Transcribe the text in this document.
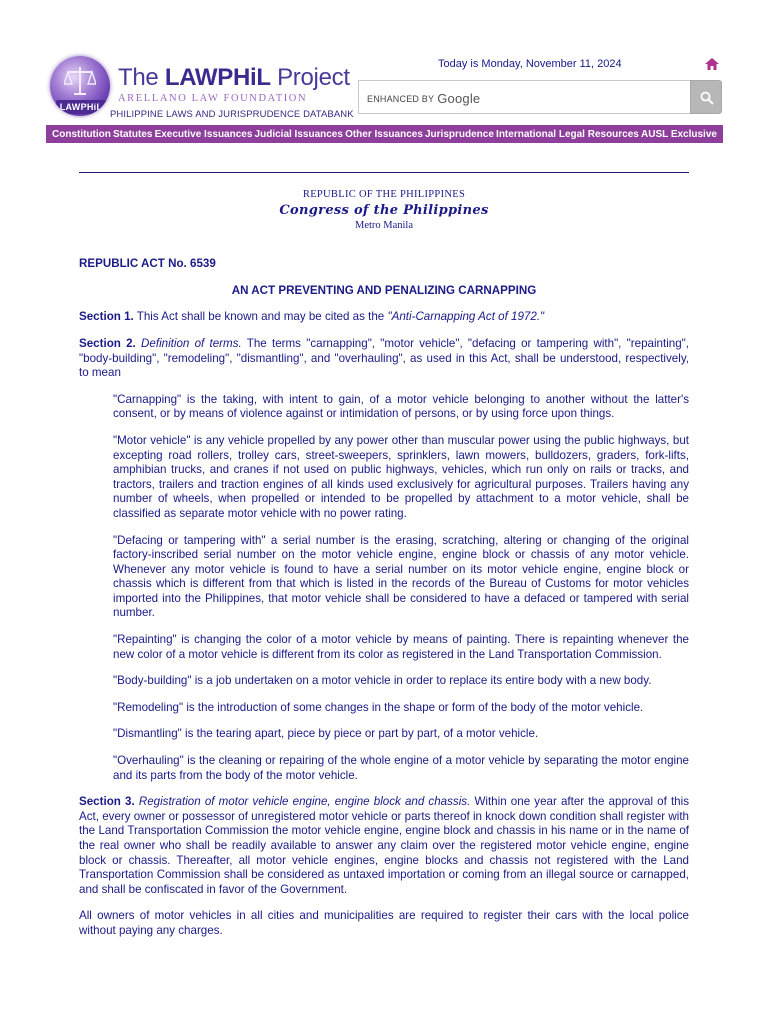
LAWPHiL
The LAWPHiL Project
ARELLANO LAW FOUNDATION
PHILIPPINE LAWS AND JURISPRUDENCE DATABANK
Today is Monday, November 11, 2024
ENHANCED BY Google
Constitution Statutes Executive Issuances Judicial Issuances Other Issuances Jurisprudence International Legal Resources AUSL Exclusive
REPUBLIC OF THE PHILIPPINES
Congress of the Philippines
Metro Manila
REPUBLIC ACT No. 6539
AN ACT PREVENTING AND PENALIZING CARNAPPING

Section 1. This Act shall be known and may be cited as the "Anti-Carnapping Act of 1972."

Section 2. Definition of terms. The terms "carnapping", "motor vehicle", "defacing or tampering with", "repainting", "body-building", "remodeling", "dismantling", and "overhauling", as used in this Act, shall be understood, respectively, to mean

"Carnapping" is the taking, with intent to gain, of a motor vehicle belonging to another without the latter's consent, or by means of violence against or intimidation of persons, or by using force upon things.

"Motor vehicle" is any vehicle propelled by any power other than muscular power using the public highways, but excepting road rollers, trolley cars, street-sweepers, sprinklers, lawn mowers, bulldozers, graders, fork-lifts, amphibian trucks, and cranes if not used on public highways, vehicles, which run only on rails or tracks, and tractors, trailers and traction engines of all kinds used exclusively for agricultural purposes. Trailers having any number of wheels, when propelled or intended to be propelled by attachment to a motor vehicle, shall be classified as separate motor vehicle with no power rating.

"Defacing or tampering with" a serial number is the erasing, scratching, altering or changing of the original factory-inscribed serial number on the motor vehicle engine, engine block or chassis of any motor vehicle. Whenever any motor vehicle is found to have a serial number on its motor vehicle engine, engine block or chassis which is different from that which is listed in the records of the Bureau of Customs for motor vehicles imported into the Philippines, that motor vehicle shall be considered to have a defaced or tampered with serial number.

"Repainting" is changing the color of a motor vehicle by means of painting. There is repainting whenever the new color of a motor vehicle is different from its color as registered in the Land Transportation Commission.

"Body-building" is a job undertaken on a motor vehicle in order to replace its entire body with a new body.

"Remodeling" is the introduction of some changes in the shape or form of the body of the motor vehicle.

"Dismantling" is the tearing apart, piece by piece or part by part, of a motor vehicle.

"Overhauling" is the cleaning or repairing of the whole engine of a motor vehicle by separating the motor engine and its parts from the body of the motor vehicle.

Section 3. Registration of motor vehicle engine, engine block and chassis. Within one year after the approval of this Act, every owner or possessor of unregistered motor vehicle or parts thereof in knock down condition shall register with the Land Transportation Commission the motor vehicle engine, engine block and chassis in his name or in the name of the real owner who shall be readily available to answer any claim over the registered motor vehicle engine, engine block or chassis. Thereafter, all motor vehicle engines, engine blocks and chassis not registered with the Land Transportation Commission shall be considered as untaxed importation or coming from an illegal source or carnapped, and shall be confiscated in favor of the Government.

All owners of motor vehicles in all cities and municipalities are required to register their cars with the local police without paying any charges.
